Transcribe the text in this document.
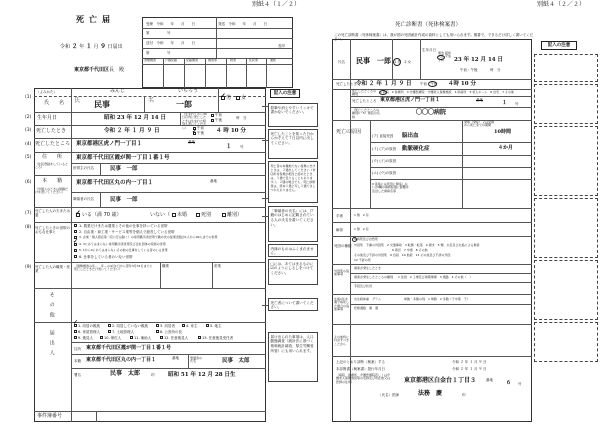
別紙４（１／２）
死亡届
令和 ２ 年 １ 月 ９ 日届出
東京都千代田区長　殿
受理　令和　　年　　月　　日	発送　令和　　年　　月　　日
第　　　　　号
送付　令和　　年　　月　　日
長印
第　　　　　号
書類調査	戸籍記載	記載調査	調査票	附票	住民票	通知
（よみかた）	みんじ	いちろう
氏　　名 氏	名
民事	一郎
✓ 男 女
生年月日	昭和 23 年 12 月 14 日
（生まれてから30日以内に死亡したときは生まれた時刻も書いてください）
午前
午後	時　分
死亡したとき	令和 ２ 年 １ 月 ９ 日	午前
✓ 午後 ４ 時 10 分
死亡したところ 東京都港区虎ノ門一丁目１	番地
１ 号
住　　所
（住民登録をしているところ）
東京都千代田区霞が関一丁目１番１号
世帯主の氏名	民事　一郎
本　　籍
（外国人のときは国籍だけを書いてください）
東京都千代田区丸の内一丁目１	番地
筆頭者の氏名	民事　一郎
死亡した人の夫または妻	✓ いる（満 70 歳）	いない（ 未婚	死別	離別）
死亡したときの世帯のおもな仕事と
1. 農業だけまたは農業とその他の仕事を持っている世帯
2. 自由業・商工業・サービス業等を個人で経営している世帯
3. 企業・個人商店等（官公庁は除く）の常用勤労者世帯で勤め先の従業者数が1人から99人までの世帯
✓ 4. 3にあてはまらない常用勤労者世帯及び会社団体の役員の世帯
5. 1から4にあてはまらないその他の仕事をしている者のいる世帯
6. 仕事をしている者のいない世帯
死亡した人の職業・産業
（国勢調査の年…　年…の4月1日から翌年3月31日までに死亡したときだけ書いてください）
職業	産業
そ　の　他
届　出　人
✓ 1. 同居の親族	2. 同居していない親族	3. 同居者	4. 家主	5. 地主
6. 家屋管理人	7. 土地管理人	8. 公設所の長
9. 後見人	10. 保佐人	11. 補助人	12. 任意後見人	13. 任意後見受任者
住所 東京都千代田区霞が関一丁目１番１号
本籍 東京都千代田区丸の内一丁目１	番地	筆頭者の氏名	民事　太郎
署名	民事　太郎	印 昭和 51 年 12 月 28 日生
事件簿番号
(1)
(2)
(3)
(4)
(5)
(6)
(7)
(8)
(9)
記入の注意
鉛筆や消えやすいインキで書かないでください。
死亡したことを知った日からかぞえて７日以内に出してください。
死亡者の本籍地でない役場に出すときは、２通出してください（市区町村役場が相当と認めたときは、１通で足りることもあります。）。２通の場合でも、死亡診断書は、原本１通と写し１通でさしつかえありません。
「筆頭者の氏名」には、戸籍のはじめに記載されている人の氏名を書いてください。
内縁のものはふくまれません。
□には、あてはまるものに☑のようにしるしをつけてください。
死亡者について書いてください。
届け出られた事項は、人口動態調査（統計法に基づく基幹統計調査、厚生労働省所管）にも用いられます。
別紙４（２／２）
死亡診断書（死体検案書）
この死亡診断書（死体検案書）は、我が国の死因統計作成の資料としても用いられます。楷書で、できるだけ詳しく書いてください。
氏名 民事　一郎 1 男　2 女
生年月日
明治 昭和 大正 平成 令和	23 年 12 月 14 日
午前・午後	時　分
死亡したとき 令和 ２ 年 １ 月 ９ 日 午前・午後 ４時 10 分
死亡したところの種別
1 病院　2 診療所　3 介護医療院・介護老人保健施設　4 助産所　5 老人ホーム　6 自宅　7 その他
死亡したところ 東京都港区虎ノ門一丁目１	番地	１ 号
（死亡したところの種別1～5）施設の名称
〇〇〇病院
死亡の原因
発病（発症）又は受傷から死亡までの期間
(ア) 直接死因 脳出血
10時間
(イ) (ア)の原因 動脈硬化症	４か月
(ウ) (イ)の原因
(エ) (ウ)の原因
II 直接には死因に関係しないがI欄の傷病経過に影響を及ぼした傷病名等
手術	1 無　2 有
解剖	1 無　2 有
死因の種類
1 病死及び自然死
外因死　不慮の外因死　2 交通事故　3 転倒・転落　4 溺水　5 煙、火災及び火焔による傷害
6 窒息　7 中毒　8 その他
その他及び不詳の外因死　9 自殺　10 他殺　11 その他及び不詳の外因
12 不詳の死
外因死の追加事項
傷害が発生したとき
傷害が発生したところの種別 1 住居　2 工場及び建築現場　3 道路　4 その他（　）
手段及び状況
生後1年未満で病死した場合の追加事項
出生時体重　グラム	単胎・多胎の別　1 単胎　2 多胎（子中第　子）
妊娠週数　満　週
その他特に付言すべきことがら
上記のとおり診断（検案）する
本診断書（検案書）発行年月日
令和 ２ 年 １ 月 ９ 日
令和 ２ 年 １ 月 ９ 日
（病院、診療所、介護医療院若しくは介護老人保健施設等の名称及び所在地又は医師の住所）	東京都港区白金台１丁目３	番地	６ 号
（氏名）医師	法務　慶	印
記入の注意
